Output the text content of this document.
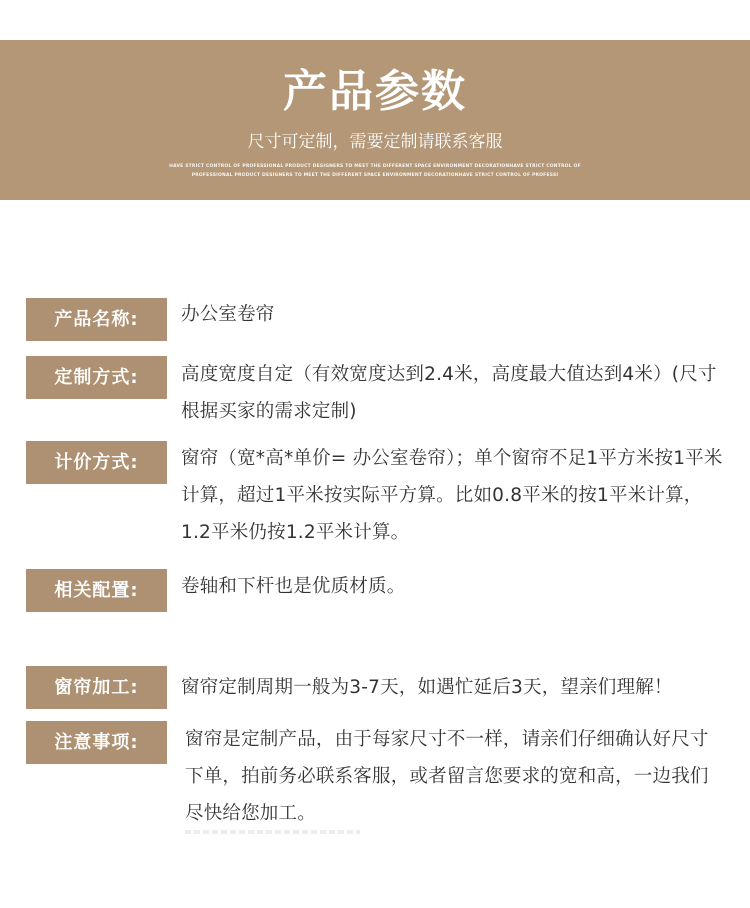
产品参数
尺寸可定制，需要定制请联系客服
HAVE STRICT CONTROL OF PROFESSIONAL PRODUCT DESIGNERS TO MEET THE DIFFERENT SPACE ENVIRONMENT DECORATIONHAVE STRICT CONTROL OF PROFESSIONAL PRODUCT DESIGNERS TO MEET THE DIFFERENT SPACE ENVIRONMENT DECORATIONHAVE STRICT CONTROL OF PROFESSI
产品名称:	办公室卷帘
定制方式:	高度宽度自定（有效宽度达到2.4米，高度最大值达到4米）(尺寸根据买家的需求定制)
计价方式:	窗帘（宽*高*单价= 办公室卷帘）；单个窗帘不足1平方米按1平米计算，超过1平米按实际平方算。比如0.8平米的按1平米计算，1.2平米仍按1.2平米计算。
相关配置:	卷轴和下杆也是优质材质。
窗帘加工:	窗帘定制周期一般为3-7天，如遇忙延后3天，望亲们理解！
注意事项:	窗帘是定制产品，由于每家尺寸不一样，请亲们仔细确认好尺寸下单，拍前务必联系客服，或者留言您要求的宽和高，一边我们尽快给您加工。
